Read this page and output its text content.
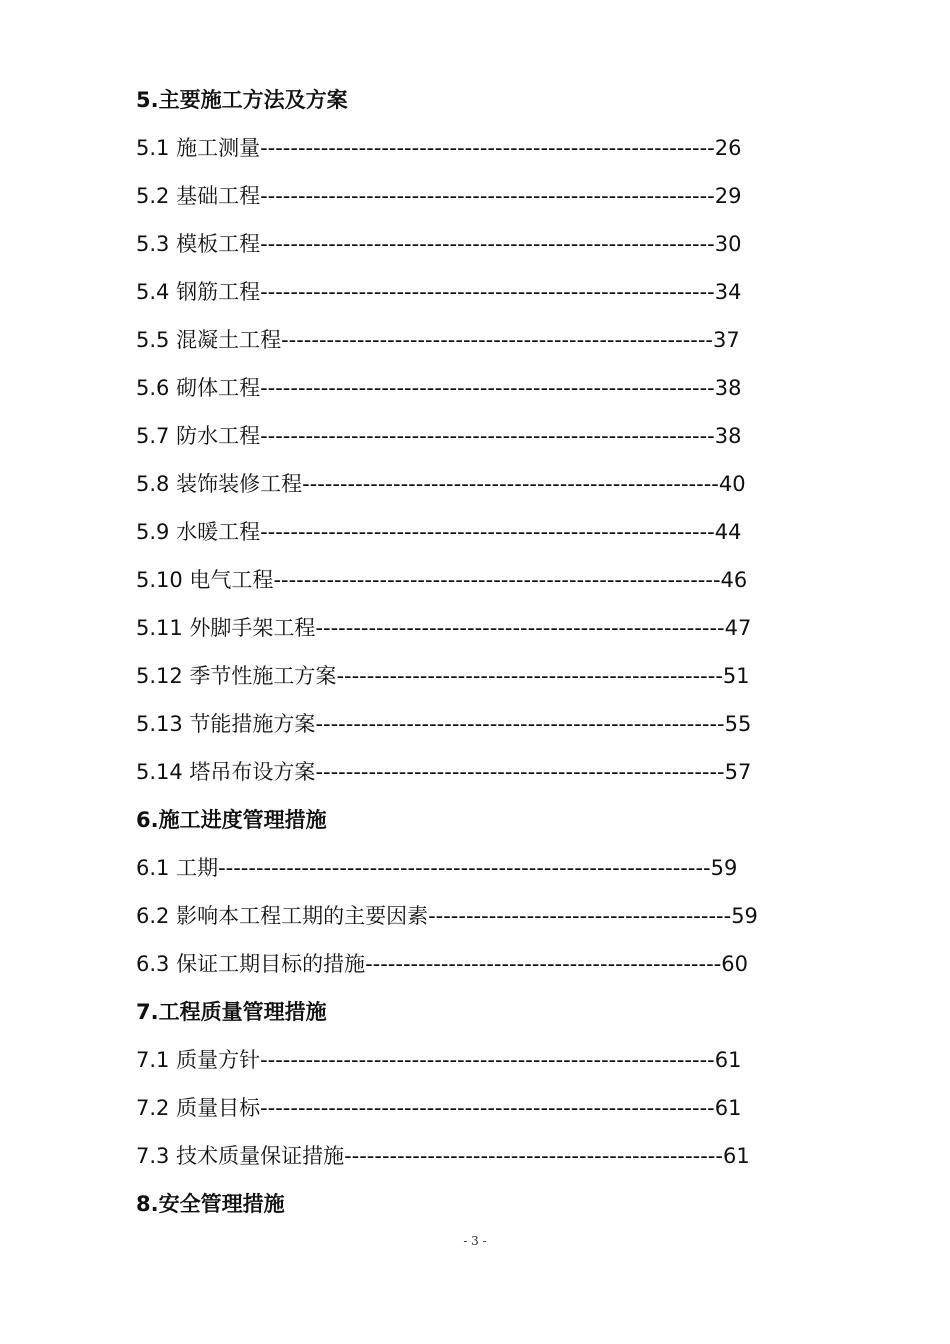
5.主要施工方法及方案
5.1 施工测量------------------------------------------------------------26
5.2 基础工程------------------------------------------------------------29
5.3 模板工程------------------------------------------------------------30
5.4 钢筋工程------------------------------------------------------------34
5.5 混凝土工程---------------------------------------------------------37
5.6 砌体工程------------------------------------------------------------38
5.7 防水工程------------------------------------------------------------38
5.8 装饰装修工程-------------------------------------------------------40
5.9 水暖工程------------------------------------------------------------44
5.10 电气工程-----------------------------------------------------------46
5.11 外脚手架工程------------------------------------------------------47
5.12 季节性施工方案---------------------------------------------------51
5.13 节能措施方案------------------------------------------------------55
5.14 塔吊布设方案------------------------------------------------------57
6.施工进度管理措施
6.1 工期-----------------------------------------------------------------59
6.2 影响本工程工期的主要因素----------------------------------------59
6.3 保证工期目标的措施-----------------------------------------------60
7.工程质量管理措施
7.1 质量方针------------------------------------------------------------61
7.2 质量目标------------------------------------------------------------61
7.3 技术质量保证措施--------------------------------------------------61
8.安全管理措施
- 3 -
